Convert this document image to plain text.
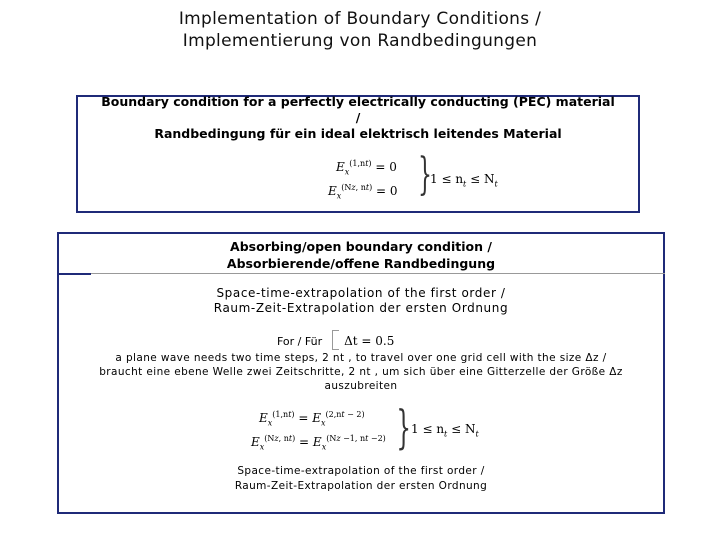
Implementation of Boundary Conditions /
Implementierung von Randbedingungen
Boundary condition for a perfectly electrically conducting (PEC) material
/
Randbedingung für ein ideal elektrisch leitendes Material
$E_x^{(1,nt)} = 0$
$E_x^{(Nz, nt)} = 0$ }
$1 \le n_t \le N_t$
Absorbing/open boundary condition /
Absorbierende/offene Randbedingung
Space-time-extrapolation of the first order /
Raum-Zeit-Extrapolation der ersten Ordnung
For / Für Δt = 0.5
a plane wave needs two time steps, 2 nt , to travel over one grid cell with the size Δz /
braucht eine ebene Welle zwei Zeitschritte, 2 nt , um sich über eine Gitterzelle der Größe Δz
auszubreiten
$E_x^{(1,nt)} = E_x^{(2,nt - 2)}$
$E_x^{(Nz, nt)} = E_x^{(Nz -1, nt -2)}$ } $1 \le n_t \le N_t$
Space-time-extrapolation of the first order /
Raum-Zeit-Extrapolation der ersten Ordnung
